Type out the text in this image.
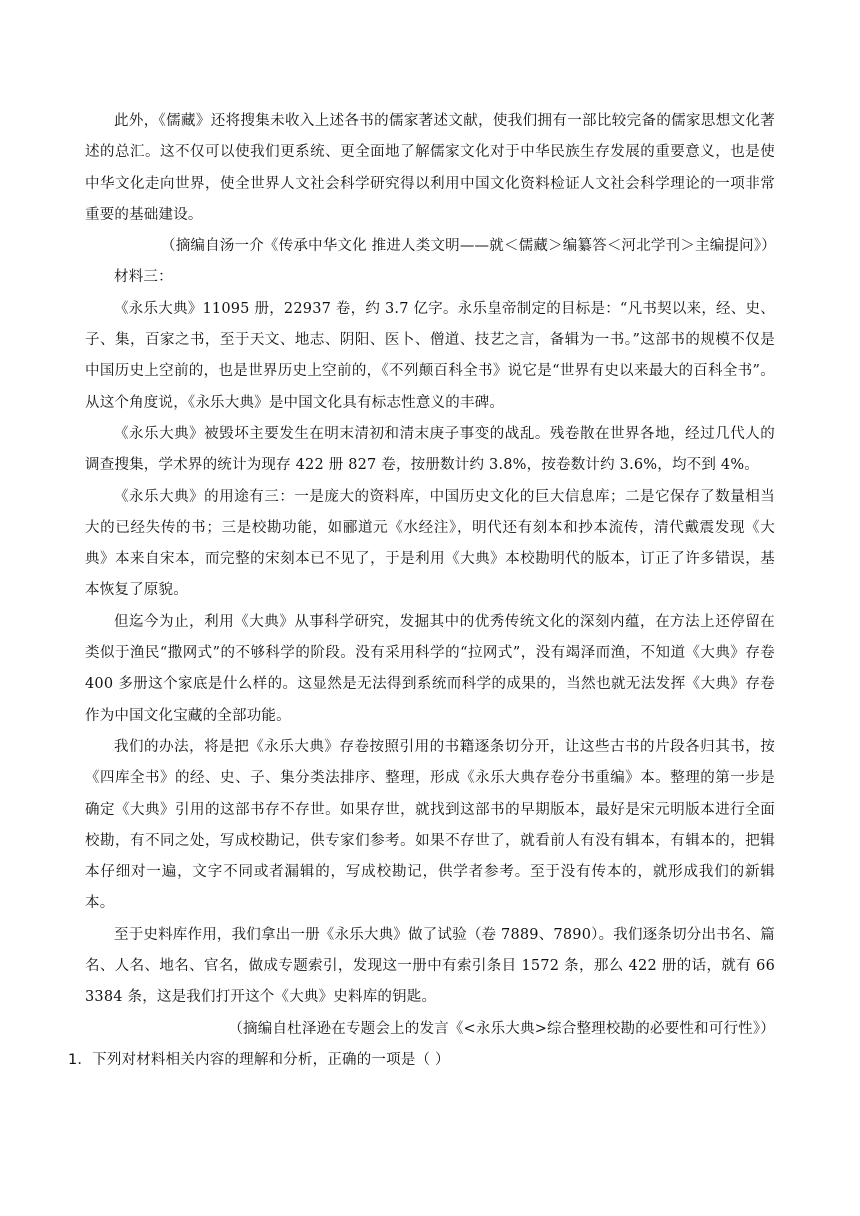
此外，《儒藏》还将搜集未收入上述各书的儒家著述文献，使我们拥有一部比较完备的儒家思想文化著述的总汇。这不仅可以使我们更系统、更全面地了解儒家文化对于中华民族生存发展的重要意义，也是使中华文化走向世界，使全世界人文社会科学研究得以利用中国文化资料检证人文社会科学理论的一项非常重要的基础建设。

（摘编自汤一介《传承中华文化 推进人类文明——就＜儒藏＞编纂答＜河北学刊＞主编提问》）

材料三：

《永乐大典》11095 册，22937 卷，约 3.7 亿字。永乐皇帝制定的目标是：“凡书契以来，经、史、子、集，百家之书，至于天文、地志、阴阳、医卜、僧道、技艺之言，备辑为一书。”这部书的规模不仅是中国历史上空前的，也是世界历史上空前的，《不列颠百科全书》说它是“世界有史以来最大的百科全书”。从这个角度说，《永乐大典》是中国文化具有标志性意义的丰碑。

《永乐大典》被毁坏主要发生在明末清初和清末庚子事变的战乱。残卷散在世界各地，经过几代人的调查搜集，学术界的统计为现存 422 册 827 卷，按册数计约 3.8%，按卷数计约 3.6%，均不到 4%。

《永乐大典》的用途有三：一是庞大的资料库，中国历史文化的巨大信息库；二是它保存了数量相当大的已经失传的书；三是校勘功能，如郦道元《水经注》，明代还有刻本和抄本流传，清代戴震发现《大典》本来自宋本，而完整的宋刻本已不见了，于是利用《大典》本校勘明代的版本，订正了许多错误，基本恢复了原貌。

但迄今为止，利用《大典》从事科学研究，发掘其中的优秀传统文化的深刻内蕴，在方法上还停留在类似于渔民“撒网式”的不够科学的阶段。没有采用科学的“拉网式”，没有竭泽而渔，不知道《大典》存卷 400 多册这个家底是什么样的。这显然是无法得到系统而科学的成果的，当然也就无法发挥《大典》存卷作为中国文化宝藏的全部功能。

我们的办法，将是把《永乐大典》存卷按照引用的书籍逐条切分开，让这些古书的片段各归其书，按《四库全书》的经、史、子、集分类法排序、整理，形成《永乐大典存卷分书重编》本。整理的第一步是确定《大典》引用的这部书存不存世。如果存世，就找到这部书的早期版本，最好是宋元明版本进行全面校勘，有不同之处，写成校勘记，供专家们参考。如果不存世了，就看前人有没有辑本，有辑本的，把辑本仔细对一遍，文字不同或者漏辑的，写成校勘记，供学者参考。至于没有传本的，就形成我们的新辑本。

至于史料库作用，我们拿出一册《永乐大典》做了试验（卷 7889、7890）。我们逐条切分出书名、篇名、人名、地名、官名，做成专题索引，发现这一册中有索引条目 1572 条，那么 422 册的话，就有 663384 条，这是我们打开这个《大典》史料库的钥匙。

（摘编自杜泽逊在专题会上的发言《<永乐大典>综合整理校勘的必要性和可行性》）

1．下列对材料相关内容的理解和分析，正确的一项是（ ）
